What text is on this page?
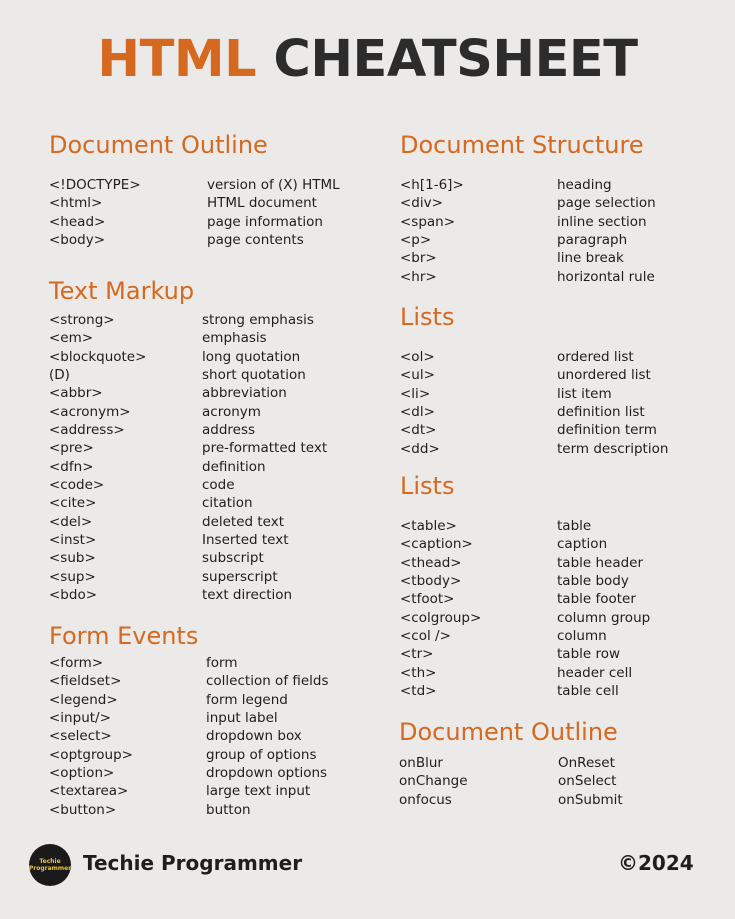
HTML CHEATSHEET
Document Outline
<!DOCTYPE>	version of (X) HTML
<html>	HTML document
<head>	page information
<body>	page contents
Text Markup
<strong>	strong emphasis
<em>	emphasis
<blockquote>	long quotation
(D)	short quotation
<abbr>	abbreviation
<acronym>	acronym
<address>	address
<pre>	pre-formatted text
<dfn>	definition
<code>	code
<cite>	citation
<del>	deleted text
<inst>	Inserted text
<sub>	subscript
<sup>	superscript
<bdo>	text direction
Form Events
<form>	form
<fieldset>	collection of fields
<legend>	form legend
<input/>	input label
<select>	dropdown box
<optgroup>	group of options
<option>	dropdown options
<textarea>	large text input
<button>	button
Document Structure
<h[1-6]>	heading
<div>	page selection
<span>	inline section
<p>	paragraph
<br>	line break
<hr>	horizontal rule
Lists
<ol>	ordered list
<ul>	unordered list
<li>	list item
<dl>	definition list
<dt>	definition term
<dd>	term description
Lists
<table>	table
<caption>	caption
<thead>	table header
<tbody>	table body
<tfoot>	table footer
<colgroup>	column group
<col />	column
<tr>	table row
<th>	header cell
<td>	table cell
Document Outline
onBlur	OnReset
onChange	onSelect
onfocus	onSubmit
Techie
Programmer Techie Programmer	©2024
